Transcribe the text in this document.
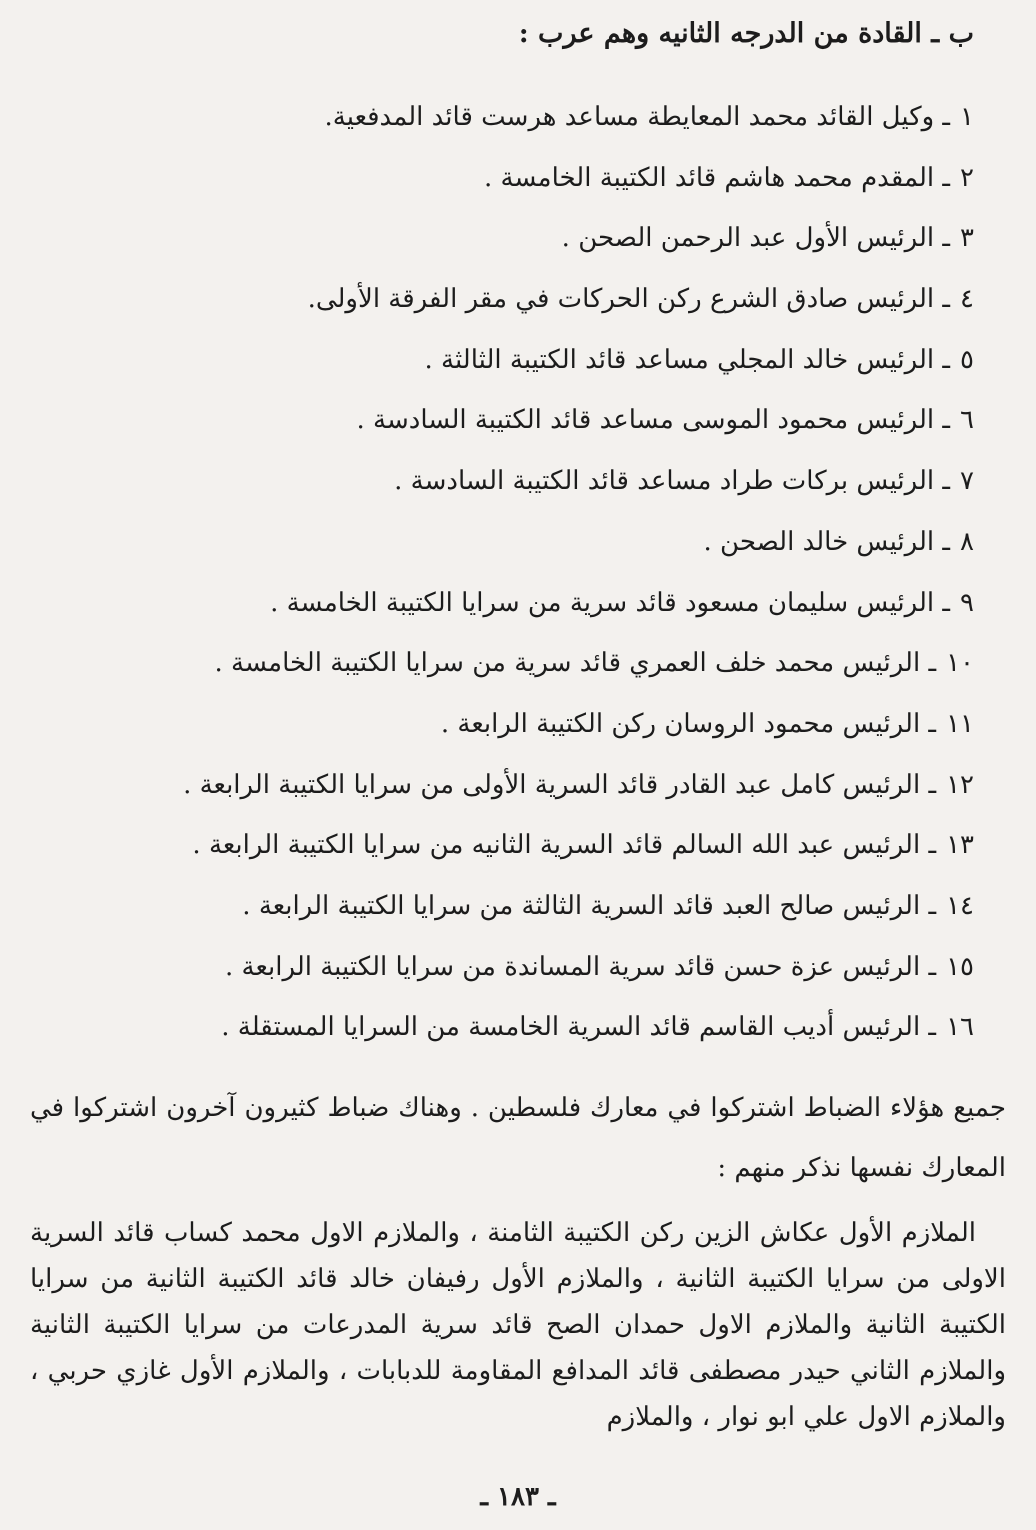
ب ـ القادة من الدرجه الثانيه وهم عرب :
١ـ وكيل القائد محمد المعايطة مساعد هرست قائد المدفعية.
٢ـ المقدم محمد هاشم قائد الكتيبة الخامسة .
٣ـ الرئيس الأول عبد الرحمن الصحن .
٤ـ الرئيس صادق الشرع ركن الحركات في مقر الفرقة الأولى.
٥ـ الرئيس خالد المجلي مساعد قائد الكتيبة الثالثة .
٦ـ الرئيس محمود الموسى مساعد قائد الكتيبة السادسة .
٧ـ الرئيس بركات طراد مساعد قائد الكتيبة السادسة .
٨ـ الرئيس خالد الصحن .
٩ـ الرئيس سليمان مسعود قائد سرية من سرايا الكتيبة الخامسة .
١٠ـ الرئيس محمد خلف العمري قائد سرية من سرايا الكتيبة الخامسة .
١١ـ الرئيس محمود الروسان ركن الكتيبة الرابعة .
١٢ـ الرئيس كامل عبد القادر قائد السرية الأولى من سرايا الكتيبة الرابعة .
١٣ـ الرئيس عبد الله السالم قائد السرية الثانيه من سرايا الكتيبة الرابعة .
١٤ـ الرئيس صالح العبد قائد السرية الثالثة من سرايا الكتيبة الرابعة .
١٥ـ الرئيس عزة حسن قائد سرية المساندة من سرايا الكتيبة الرابعة .
١٦ـ الرئيس أديب القاسم قائد السرية الخامسة من السرايا المستقلة .

جميع هؤلاء الضباط اشتركوا في معارك فلسطين . وهناك ضباط كثيرون آخرون اشتركوا في المعارك نفسها نذكر منهم :

الملازم الأول عكاش الزين ركن الكتيبة الثامنة ، والملازم الاول محمد كساب قائد السرية الاولى من سرايا الكتيبة الثانية ، والملازم الأول رفيفان خالد قائد الكتيبة الثانية من سرايا الكتيبة الثانية والملازم الاول حمدان الصح قائد سرية المدرعات من سرايا الكتيبة الثانية والملازم الثاني حيدر مصطفى قائد المدافع المقاومة للدبابات ، والملازم الأول غازي حربي ، والملازم الاول علي ابو نوار ، والملازم

ـ ١٨٣ ـ
